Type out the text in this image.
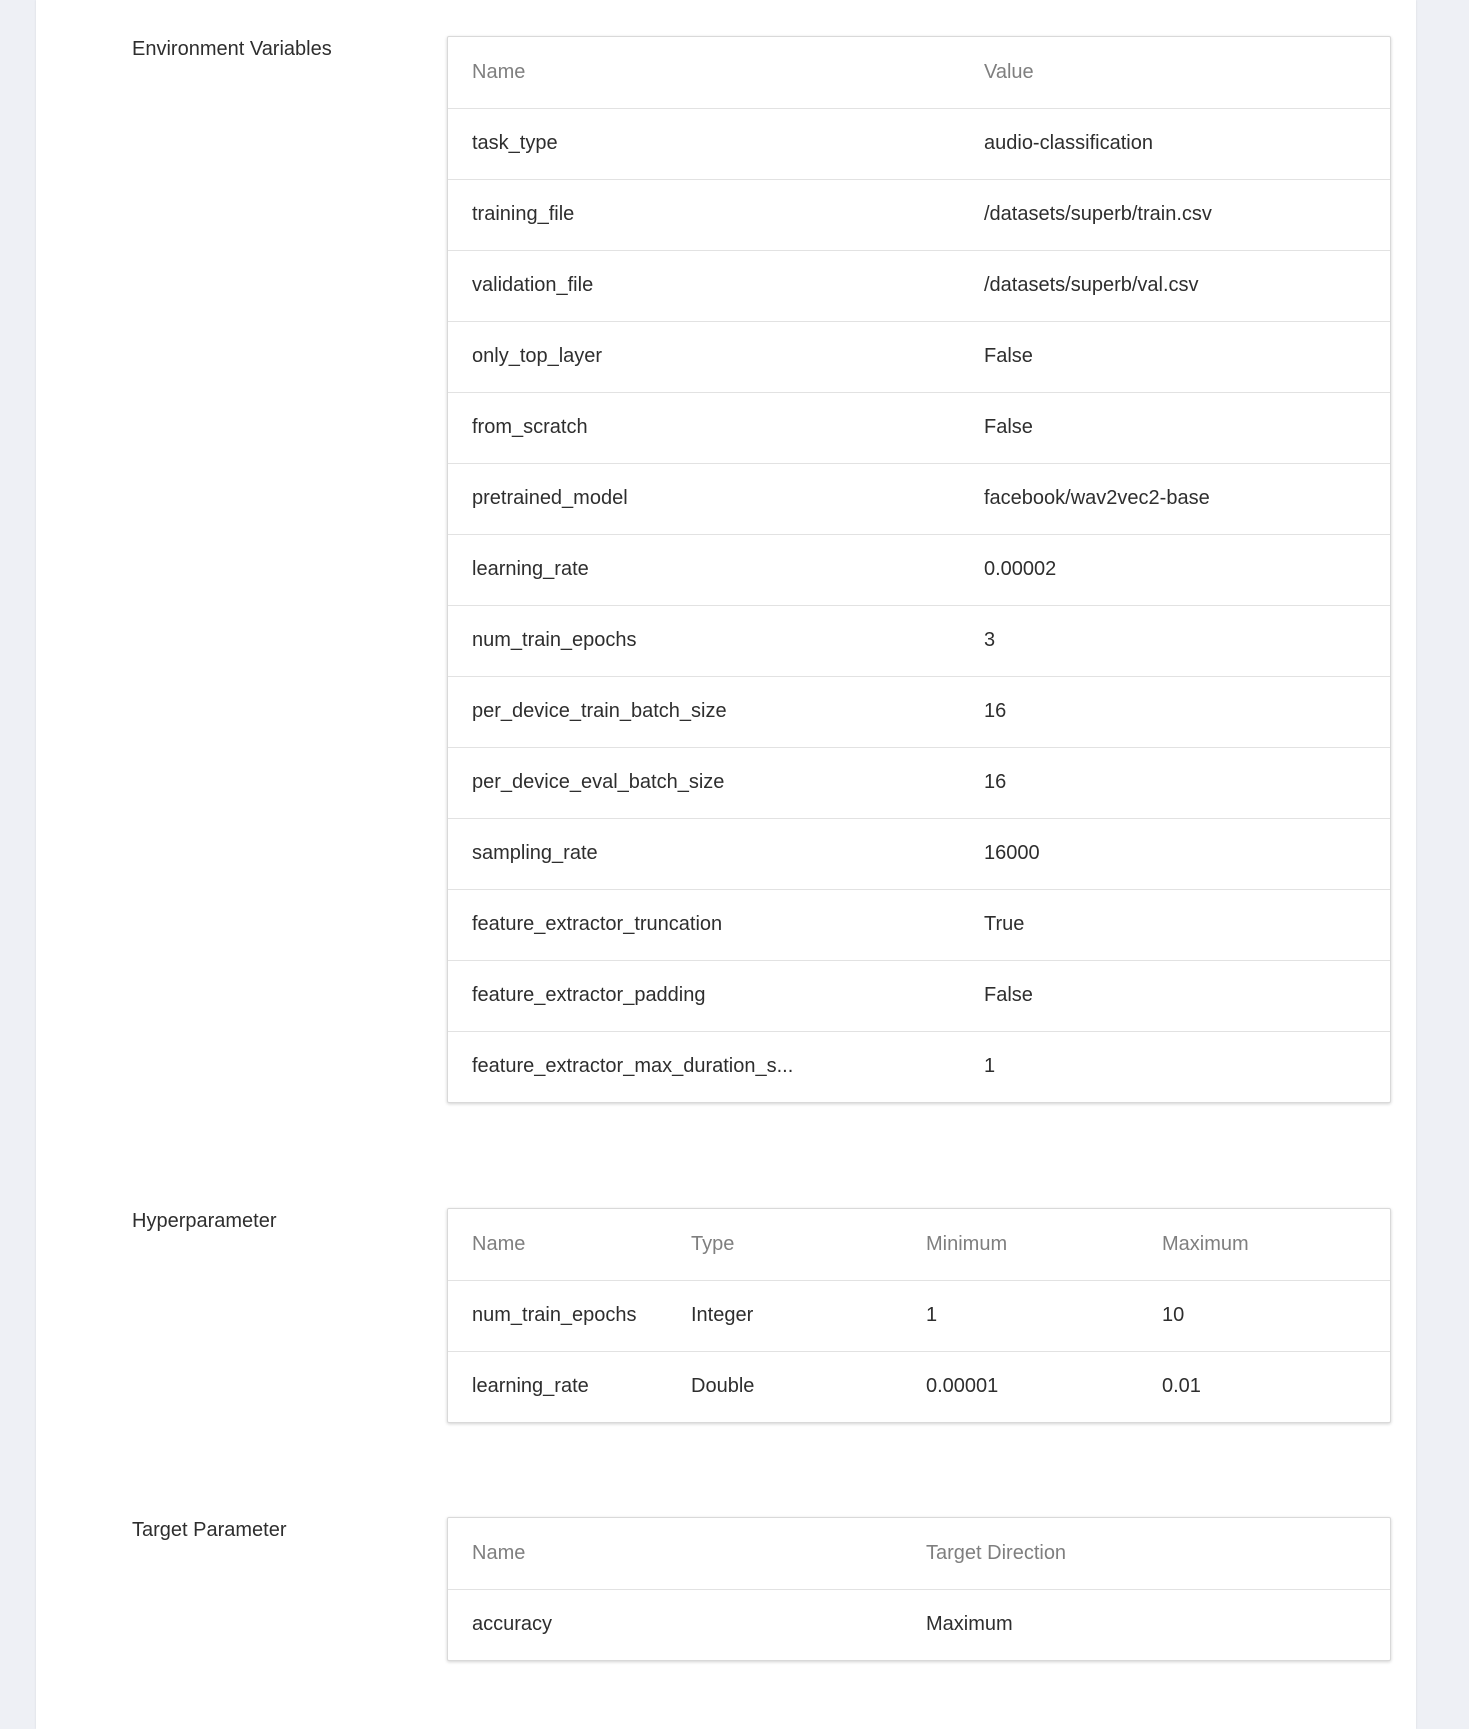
Environment Variables
Name	Value
task_type	audio-classification
training_file	/datasets/superb/train.csv
validation_file	/datasets/superb/val.csv
only_top_layer	False
from_scratch	False
pretrained_model	facebook/wav2vec2-base
learning_rate	0.00002
num_train_epochs	3
per_device_train_batch_size	16
per_device_eval_batch_size	16
sampling_rate	16000
feature_extractor_truncation	True
feature_extractor_padding	False
feature_extractor_max_duration_s...	1
Hyperparameter
Name	Type	Minimum	Maximum
num_train_epochs	Integer	1	10
learning_rate	Double	0.00001	0.01
Target Parameter
Name	Target Direction
accuracy	Maximum
